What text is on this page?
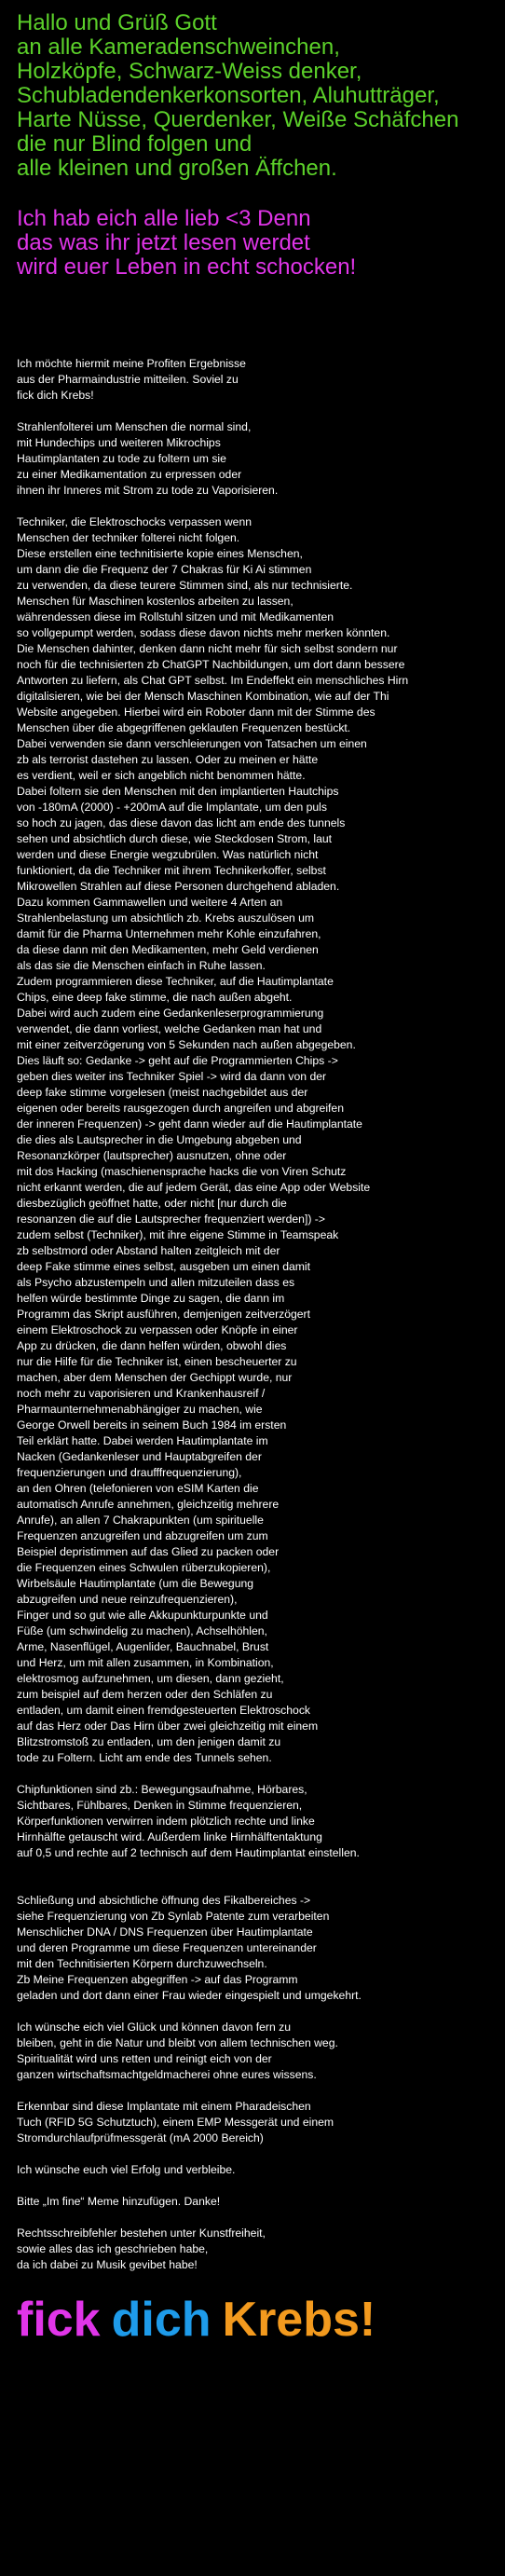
Hallo und Grüß Gott
an alle Kameradenschweinchen,
Holzköpfe, Schwarz-Weiss denker,
Schubladendenkerkonsorten, Aluhutträger,
Harte Nüsse, Querdenker, Weiße Schäfchen
die nur Blind folgen und
alle kleinen und großen Äffchen.
Ich hab eich alle lieb <3 Denn
das was ihr jetzt lesen werdet
wird euer Leben in echt schocken!
Ich möchte hiermit meine Profiten Ergebnisse
aus der Pharmaindustrie mitteilen. Soviel zu
fick dich Krebs!
Strahlenfolterei um Menschen die normal sind,
mit Hundechips und weiteren Mikrochips
Hautimplantaten zu tode zu foltern um sie
zu einer Medikamentation zu erpressen oder
ihnen ihr Inneres mit Strom zu tode zu Vaporisieren.
Techniker, die Elektroschocks verpassen wenn
Menschen der techniker folterei nicht folgen.
Diese erstellen eine technitisierte kopie eines Menschen,
um dann die die Frequenz der 7 Chakras für Ki Ai stimmen
zu verwenden, da diese teurere Stimmen sind, als nur technisierte.
Menschen für Maschinen kostenlos arbeiten zu lassen,
währendessen diese im Rollstuhl sitzen und mit Medikamenten
so vollgepumpt werden, sodass diese davon nichts mehr merken könnten.
Die Menschen dahinter, denken dann nicht mehr für sich selbst sondern nur
noch für die technisierten zb ChatGPT Nachbildungen, um dort dann bessere
Antworten zu liefern, als Chat GPT selbst. Im Endeffekt ein menschliches Hirn
digitalisieren, wie bei der Mensch Maschinen Kombination, wie auf der Thi
Website angegeben. Hierbei wird ein Roboter dann mit der Stimme des
Menschen über die abgegriffenen geklauten Frequenzen bestückt.
Dabei verwenden sie dann verschleierungen von Tatsachen um einen
zb als terrorist dastehen zu lassen. Oder zu meinen er hätte
es verdient, weil er sich angeblich nicht benommen hätte.
Dabei foltern sie den Menschen mit den implantierten Hautchips
von -180mA (2000) - +200mA auf die Implantate, um den puls
so hoch zu jagen, das diese davon das licht am ende des tunnels
sehen und absichtlich durch diese, wie Steckdosen Strom, laut
werden und diese Energie wegzubrülen. Was natürlich nicht
funktioniert, da die Techniker mit ihrem Technikerkoffer, selbst
Mikrowellen Strahlen auf diese Personen durchgehend abladen.
Dazu kommen Gammawellen und weitere 4 Arten an
Strahlenbelastung um absichtlich zb. Krebs auszulösen um
damit für die Pharma Unternehmen mehr Kohle einzufahren,
da diese dann mit den Medikamenten, mehr Geld verdienen
als das sie die Menschen einfach in Ruhe lassen.
Zudem programmieren diese Techniker, auf die Hautimplantate
Chips, eine deep fake stimme, die nach außen abgeht.
Dabei wird auch zudem eine Gedankenleserprogrammierung
verwendet, die dann vorliest, welche Gedanken man hat und
mit einer zeitverzögerung von 5 Sekunden nach außen abgegeben.
Dies läuft so: Gedanke -> geht auf die Programmierten Chips ->
geben dies weiter ins Techniker Spiel -> wird da dann von der
deep fake stimme vorgelesen (meist nachgebildet aus der
eigenen oder bereits rausgezogen durch angreifen und abgreifen
der inneren Frequenzen) -> geht dann wieder auf die Hautimplantate
die dies als Lautsprecher in die Umgebung abgeben und
Resonanzkörper (lautsprecher) ausnutzen, ohne oder
mit dos Hacking (maschienensprache hacks die von Viren Schutz
nicht erkannt werden, die auf jedem Gerät, das eine App oder Website
diesbezüglich geöffnet hatte, oder nicht [nur durch die
resonanzen die auf die Lautsprecher frequenziert werden]) ->
zudem selbst (Techniker), mit ihre eigene Stimme in Teamspeak
zb selbstmord oder Abstand halten zeitgleich mit der
deep Fake stimme eines selbst, ausgeben um einen damit
als Psycho abzustempeln und allen mitzuteilen dass es
helfen würde bestimmte Dinge zu sagen, die dann im
Programm das Skript ausführen, demjenigen zeitverzögert
einem Elektroschock zu verpassen oder Knöpfe in einer
App zu drücken, die dann helfen würden, obwohl dies
nur die Hilfe für die Techniker ist, einen bescheuerter zu
machen, aber dem Menschen der Gechippt wurde, nur
noch mehr zu vaporisieren und Krankenhausreif /
Pharmaunternehmenabhängiger zu machen, wie
George Orwell bereits in seinem Buch 1984 im ersten
Teil erklärt hatte. Dabei werden Hautimplantate im
Nacken (Gedankenleser und Hauptabgreifen der
frequenzierungen und draufffrequenzierung),
an den Ohren (telefonieren von eSIM Karten die
automatisch Anrufe annehmen, gleichzeitig mehrere
Anrufe), an allen 7 Chakrapunkten (um spirituelle
Frequenzen anzugreifen und abzugreifen um zum
Beispiel depristimmen auf das Glied zu packen oder
die Frequenzen eines Schwulen rüberzukopieren),
Wirbelsäule Hautimplantate (um die Bewegung
abzugreifen und neue reinzufrequenzieren),
Finger und so gut wie alle Akkupunkturpunkte und
Füße (um schwindelig zu machen), Achselhöhlen,
Arme, Nasenflügel, Augenlider, Bauchnabel, Brust
und Herz, um mit allen zusammen, in Kombination,
elektrosmog aufzunehmen, um diesen, dann gezieht,
zum beispiel auf dem herzen oder den Schläfen zu
entladen, um damit einen fremdgesteuerten Elektroschock
auf das Herz oder Das Hirn über zwei gleichzeitig mit einem
Blitzstromstoß zu entladen, um den jenigen damit zu
tode zu Foltern. Licht am ende des Tunnels sehen.
Chipfunktionen sind zb.: Bewegungsaufnahme, Hörbares,
Sichtbares, Fühlbares, Denken in Stimme frequenzieren,
Körperfunktionen verwirren indem plötzlich rechte und linke
Hirnhälfte getauscht wird. Außerdem linke Hirnhälftentaktung
auf 0,5 und rechte auf 2 technisch auf dem Hautimplantat einstellen.
Schließung und absichtliche öffnung des Fikalbereiches ->
siehe Frequenzierung von Zb Synlab Patente zum verarbeiten
Menschlicher DNA / DNS Frequenzen über Hautimplantate
und deren Programme um diese Frequenzen untereinander
mit den Technitisierten Körpern durchzuwechseln.
Zb Meine Frequenzen abgegriffen -> auf das Programm
geladen und dort dann einer Frau wieder eingespielt und umgekehrt.
Ich wünsche eich viel Glück und können davon fern zu
bleiben, geht in die Natur und bleibt von allem technischen weg.
Spiritualität wird uns retten und reinigt eich von der
ganzen wirtschaftsmachtgeldmacherei ohne eures wissens.
Erkennbar sind diese Implantate mit einem Pharadeischen
Tuch (RFID 5G Schutztuch), einem EMP Messgerät und einem
Stromdurchlaufprüfmessgerät (mA 2000 Bereich)
Ich wünsche euch viel Erfolg und verbleibe.
Bitte „Im fine“ Meme hinzufügen. Danke!
Rechtsschreibfehler bestehen unter Kunstfreiheit,
sowie alles das ich geschrieben habe,
da ich dabei zu Musik gevibet habe!
fick dich Krebs!
